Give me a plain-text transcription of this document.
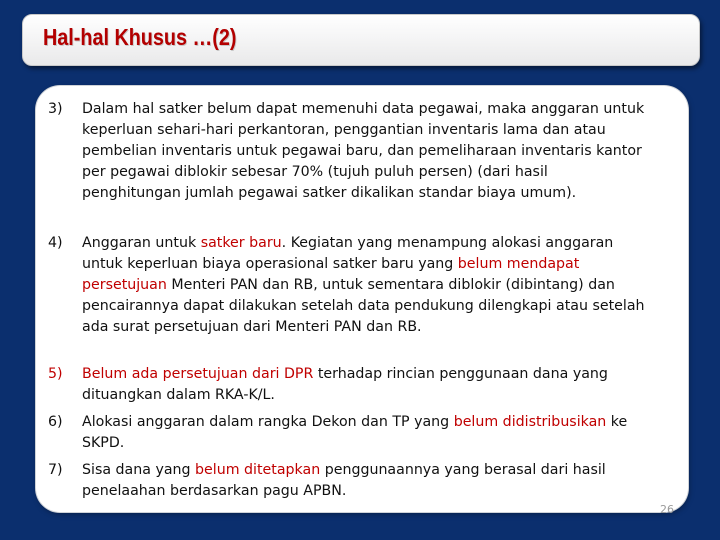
Hal-hal Khusus …(2)
3) Dalam hal satker belum dapat memenuhi data pegawai, maka anggaran untuk keperluan sehari-hari perkantoran, penggantian inventaris lama dan atau pembelian inventaris untuk pegawai baru, dan pemeliharaan inventaris kantor per pegawai diblokir sebesar 70% (tujuh puluh persen) (dari hasil penghitungan jumlah pegawai satker dikalikan standar biaya umum).
4) Anggaran untuk satker baru. Kegiatan yang menampung alokasi anggaran untuk keperluan biaya operasional satker baru yang belum mendapat persetujuan Menteri PAN dan RB, untuk sementara diblokir (dibintang) dan pencairannya dapat dilakukan setelah data pendukung dilengkapi atau setelah ada surat persetujuan dari Menteri PAN dan RB.
5) Belum ada persetujuan dari DPR terhadap rincian penggunaan dana yang dituangkan dalam RKA-K/L.
6) Alokasi anggaran dalam rangka Dekon dan TP yang belum didistribusikan ke SKPD.
7) Sisa dana yang belum ditetapkan penggunaannya yang berasal dari hasil penelaahan berdasarkan pagu APBN.
26
